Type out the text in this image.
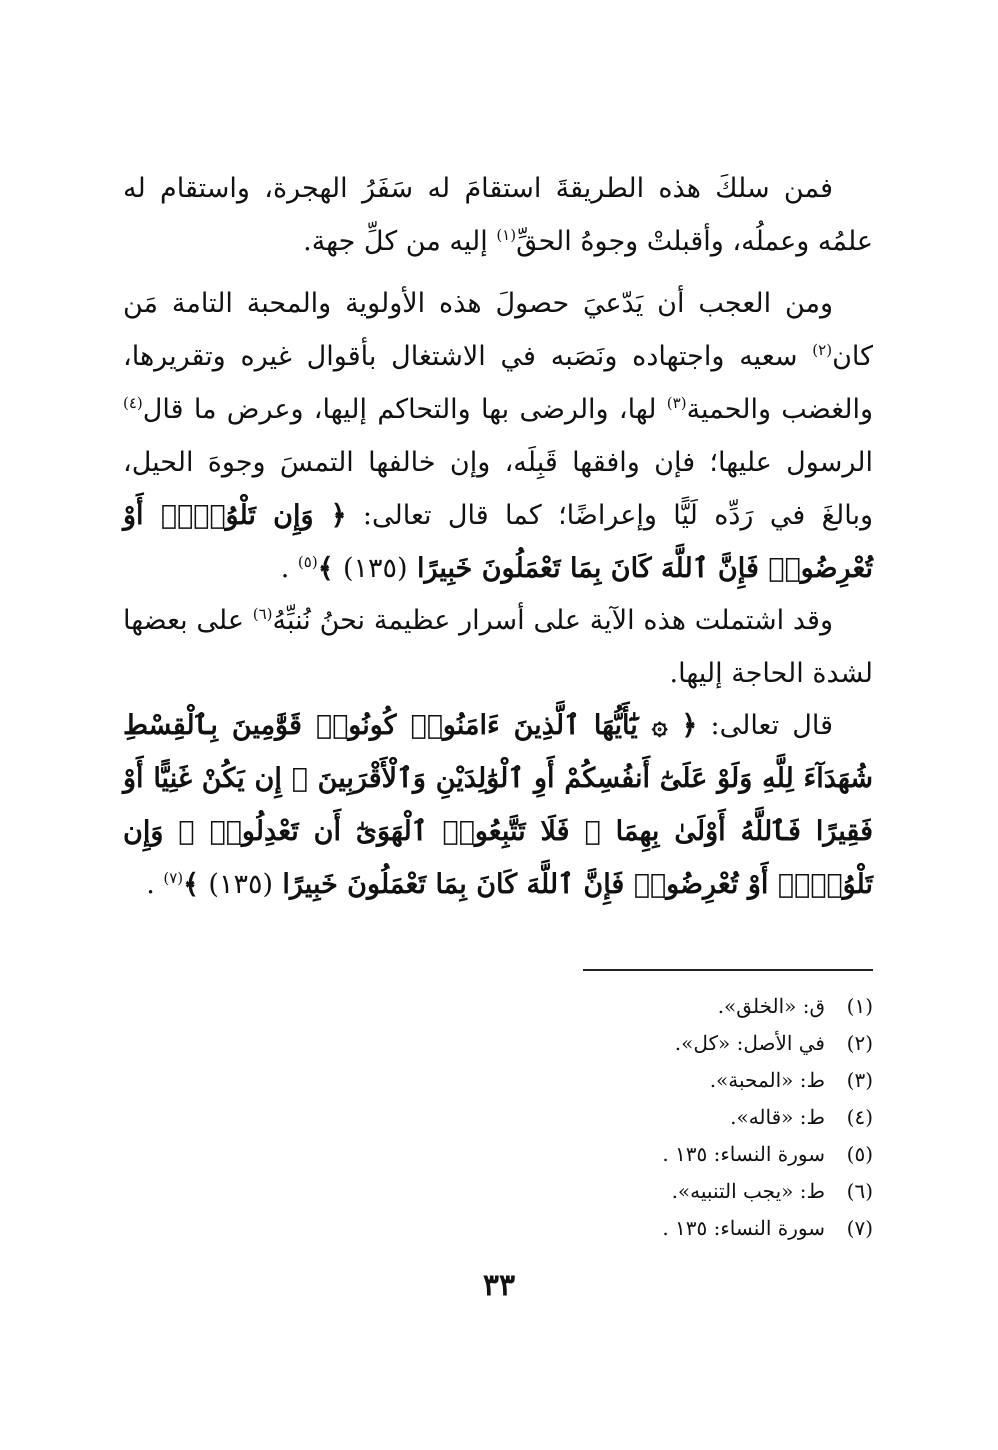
فمن سلكَ هذه الطريقةَ استقامَ له سَفَرُ الهجرة، واستقام له علمُه وعملُه، وأقبلتْ وجوهُ الحقِّ$^{(١)}$ إليه من كلِّ جهة.

ومن العجب أن يَدّعيَ حصولَ هذه الأولوية والمحبة التامة مَن كان$^{(٢)}$ سعيه واجتهاده ونَصَبه في الاشتغال بأقوال غيره وتقريرها، والغضب والحمية$^{(٣)}$ لها، والرضى بها والتحاكم إليها، وعرض ما قال$^{(٤)}$ الرسول عليها؛ فإن وافقها قَبِلَه، وإن خالفها التمسَ وجوهَ الحيل، وبالغَ في رَدِّه لَيًّا وإعراضًا؛ كما قال تعالى: ﴿ وَإِن تَلْوُۥٓا۟ أَوْ تُعْرِضُوا۟ فَإِنَّ ٱللَّهَ كَانَ بِمَا تَعْمَلُونَ خَبِيرًا (١٣٥) ﴾$^{(٥)}$ .

وقد اشتملت هذه الآية على أسرار عظيمة نحنُ نُنبِّهُ$^{(٦)}$ على بعضها لشدة الحاجة إليها.

قال تعالى: ﴿ ۞ يَٰٓأَيُّهَا ٱلَّذِينَ ءَامَنُوا۟ كُونُوا۟ قَوَّٰمِينَ بِٱلْقِسْطِ شُهَدَآءَ لِلَّهِ وَلَوْ عَلَىٰٓ أَنفُسِكُمْ أَوِ ٱلْوَٰلِدَيْنِ وَٱلْأَقْرَبِينَ ۚ إِن يَكُنْ غَنِيًّا أَوْ فَقِيرًا فَٱللَّهُ أَوْلَىٰ بِهِمَا ۖ فَلَا تَتَّبِعُوا۟ ٱلْهَوَىٰٓ أَن تَعْدِلُوا۟ ۚ وَإِن تَلْوُۥٓا۟ أَوْ تُعْرِضُوا۟ فَإِنَّ ٱللَّهَ كَانَ بِمَا تَعْمَلُونَ خَبِيرًا (١٣٥) ﴾$^{(٧)}$ .

(١)ق: «الخلق».
(٢)في الأصل: «كل».
(٣)ط: «المحبة».
(٤)ط: «قاله».
(٥)سورة النساء: ١٣٥ .
(٦)ط: «يجب التنبيه».
(٧)سورة النساء: ١٣٥ .
٣٣
